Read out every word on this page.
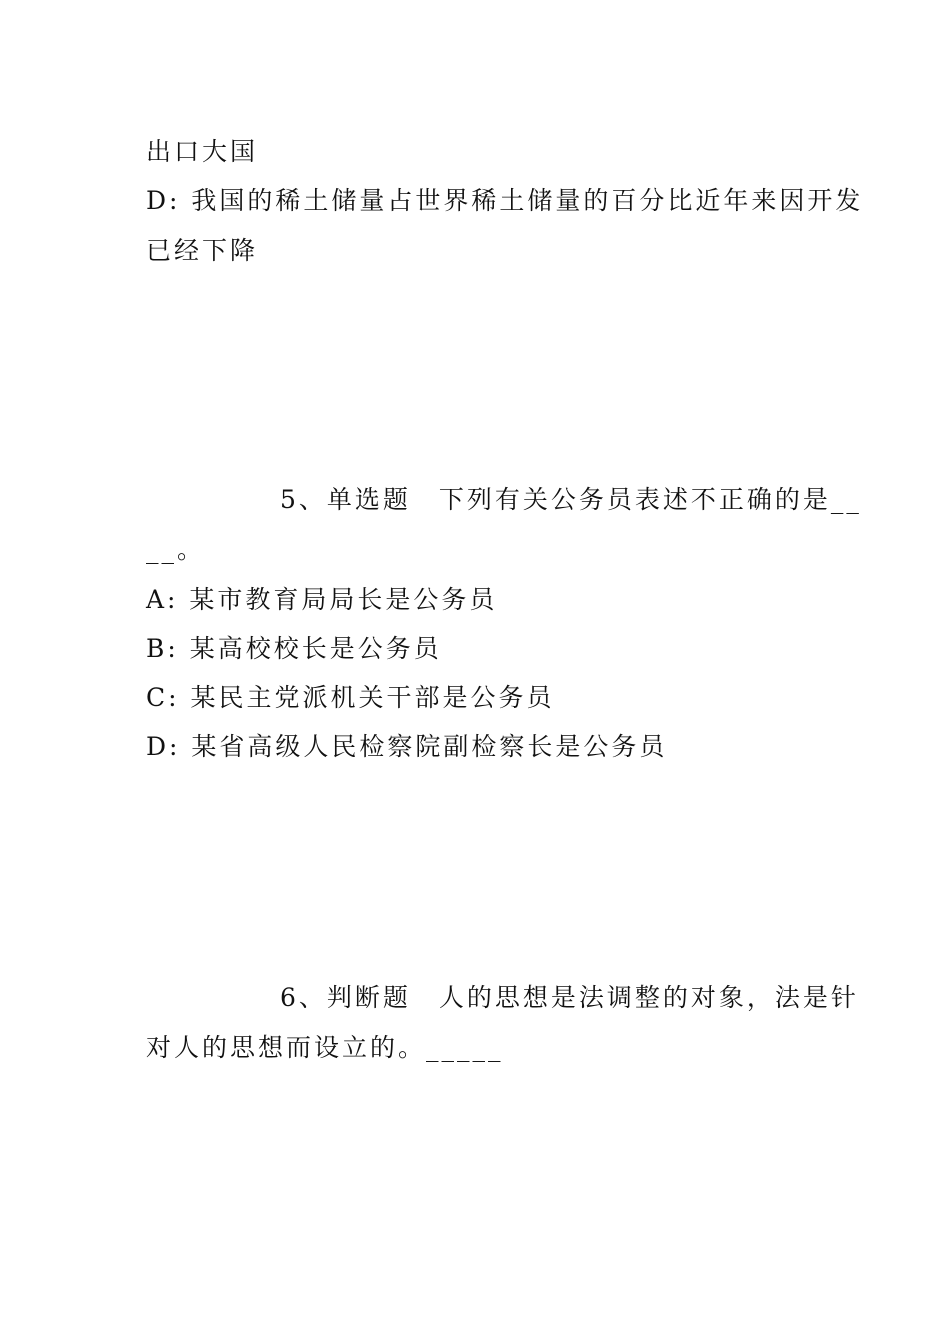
出口大国

D: 我国的稀土储量占世界稀土储量的百分比近年来因开发

已经下降

5、单选题　下列有关公务员表述不正确的是__

__。

A: 某市教育局局长是公务员

B: 某高校校长是公务员

C: 某民主党派机关干部是公务员

D: 某省高级人民检察院副检察长是公务员

6、判断题　人的思想是法调整的对象，法是针

对人的思想而设立的。_____
